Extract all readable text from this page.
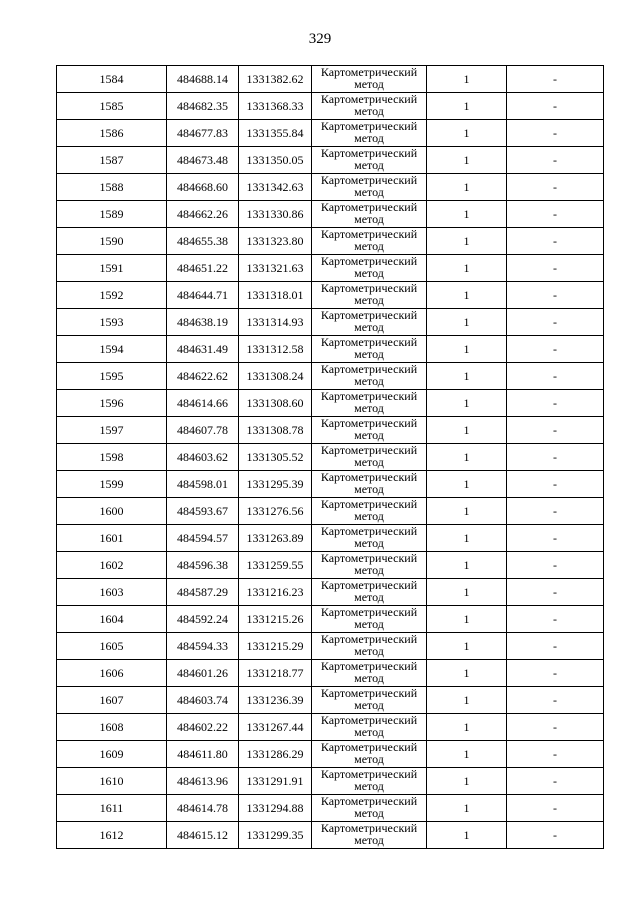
329
1584	484688.14	1331382.62	Картометрический метод	1	-
1585	484682.35	1331368.33	Картометрический метод	1	-
1586	484677.83	1331355.84	Картометрический метод	1	-
1587	484673.48	1331350.05	Картометрический метод	1	-
1588	484668.60	1331342.63	Картометрический метод	1	-
1589	484662.26	1331330.86	Картометрический метод	1	-
1590	484655.38	1331323.80	Картометрический метод	1	-
1591	484651.22	1331321.63	Картометрический метод	1	-
1592	484644.71	1331318.01	Картометрический метод	1	-
1593	484638.19	1331314.93	Картометрический метод	1	-
1594	484631.49	1331312.58	Картометрический метод	1	-
1595	484622.62	1331308.24	Картометрический метод	1	-
1596	484614.66	1331308.60	Картометрический метод	1	-
1597	484607.78	1331308.78	Картометрический метод	1	-
1598	484603.62	1331305.52	Картометрический метод	1	-
1599	484598.01	1331295.39	Картометрический метод	1	-
1600	484593.67	1331276.56	Картометрический метод	1	-
1601	484594.57	1331263.89	Картометрический метод	1	-
1602	484596.38	1331259.55	Картометрический метод	1	-
1603	484587.29	1331216.23	Картометрический метод	1	-
1604	484592.24	1331215.26	Картометрический метод	1	-
1605	484594.33	1331215.29	Картометрический метод	1	-
1606	484601.26	1331218.77	Картометрический метод	1	-
1607	484603.74	1331236.39	Картометрический метод	1	-
1608	484602.22	1331267.44	Картометрический метод	1	-
1609	484611.80	1331286.29	Картометрический метод	1	-
1610	484613.96	1331291.91	Картометрический метод	1	-
1611	484614.78	1331294.88	Картометрический метод	1	-
1612	484615.12	1331299.35	Картометрический метод	1	-
